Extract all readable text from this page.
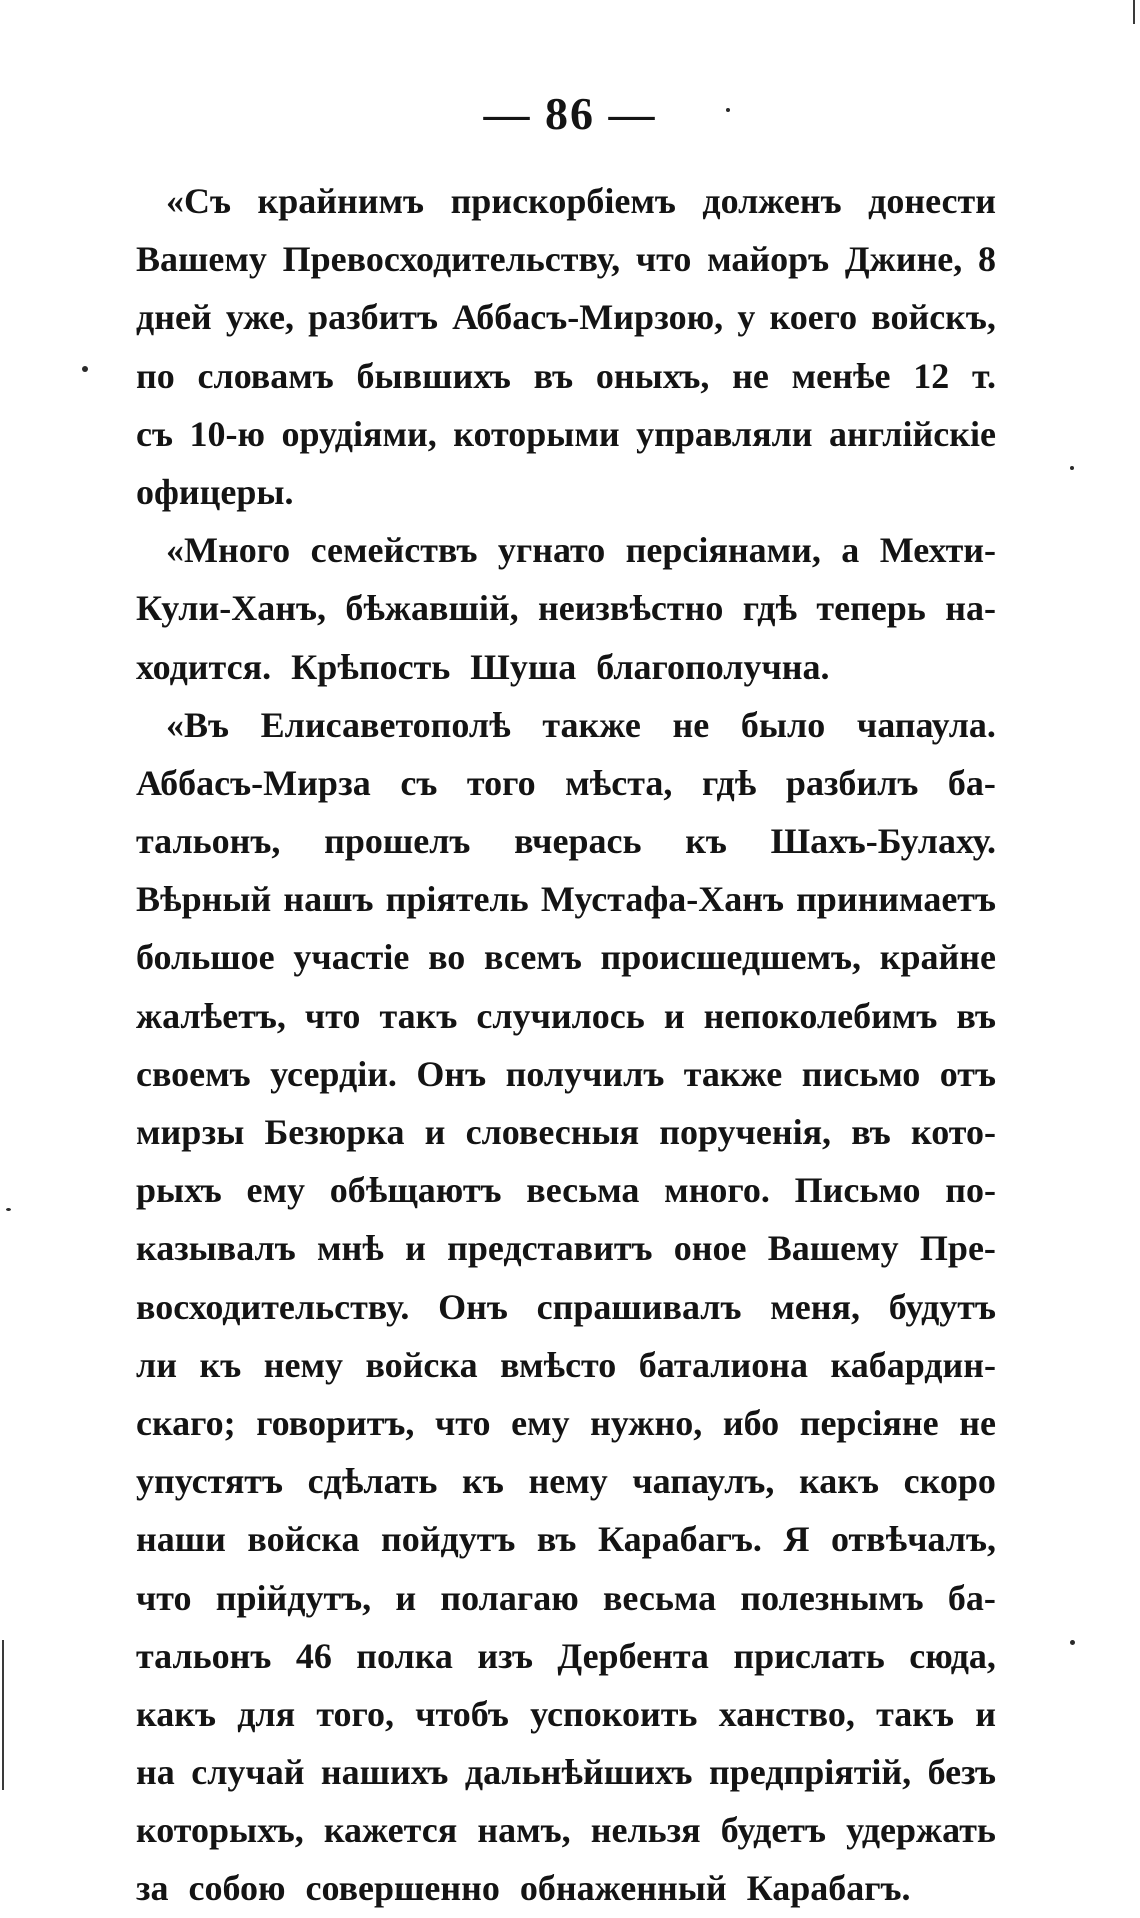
— 86 —
«Съ крайнимъ прискорбіемъ долженъ донести
Вашему Превосходительству, что майоръ Джине, 8
дней уже, разбитъ Аббасъ-Мирзою, у коего войскъ,
по словамъ бывшихъ въ оныхъ, не менѣе 12 т.
съ 10-ю орудіями, которыми управляли англійскіе
офицеры.
«Много семействъ угнато персіянами, а Мехти-
Кули-Ханъ, бѣжавшій, неизвѣстно гдѣ теперь на-
ходится. Крѣпость Шуша благополучна.
«Въ Елисаветополѣ также не было чапаула.
Аббасъ-Мирза съ того мѣста, гдѣ разбилъ ба-
тальонъ, прошелъ вчерась къ Шахъ-Булаху.
Вѣрный нашъ пріятель Мустафа-Ханъ принимаетъ
большое участіе во всемъ происшедшемъ, крайне
жалѣетъ, что такъ случилось и непоколебимъ въ
своемъ усердіи. Онъ получилъ также письмо отъ
мирзы Безюрка и словесныя порученія, въ кото-
рыхъ ему обѣщаютъ весьма много. Письмо по-
казывалъ мнѣ и представитъ оное Вашему Пре-
восходительству. Онъ спрашивалъ меня, будутъ
ли къ нему войска вмѣсто баталиона кабардин-
скаго; говоритъ, что ему нужно, ибо персіяне не
упустятъ сдѣлать къ нему чапаулъ, какъ скоро
наши войска пойдутъ въ Карабагъ. Я отвѣчалъ,
что прійдутъ, и полагаю весьма полезнымъ ба-
тальонъ 46 полка изъ Дербента прислать сюда,
какъ для того, чтобъ успокоить ханство, такъ и
на случай нашихъ дальнѣйшихъ предпріятій, безъ
которыхъ, кажется намъ, нельзя будетъ удержать
за собою совершенно обнаженный Карабагъ.
